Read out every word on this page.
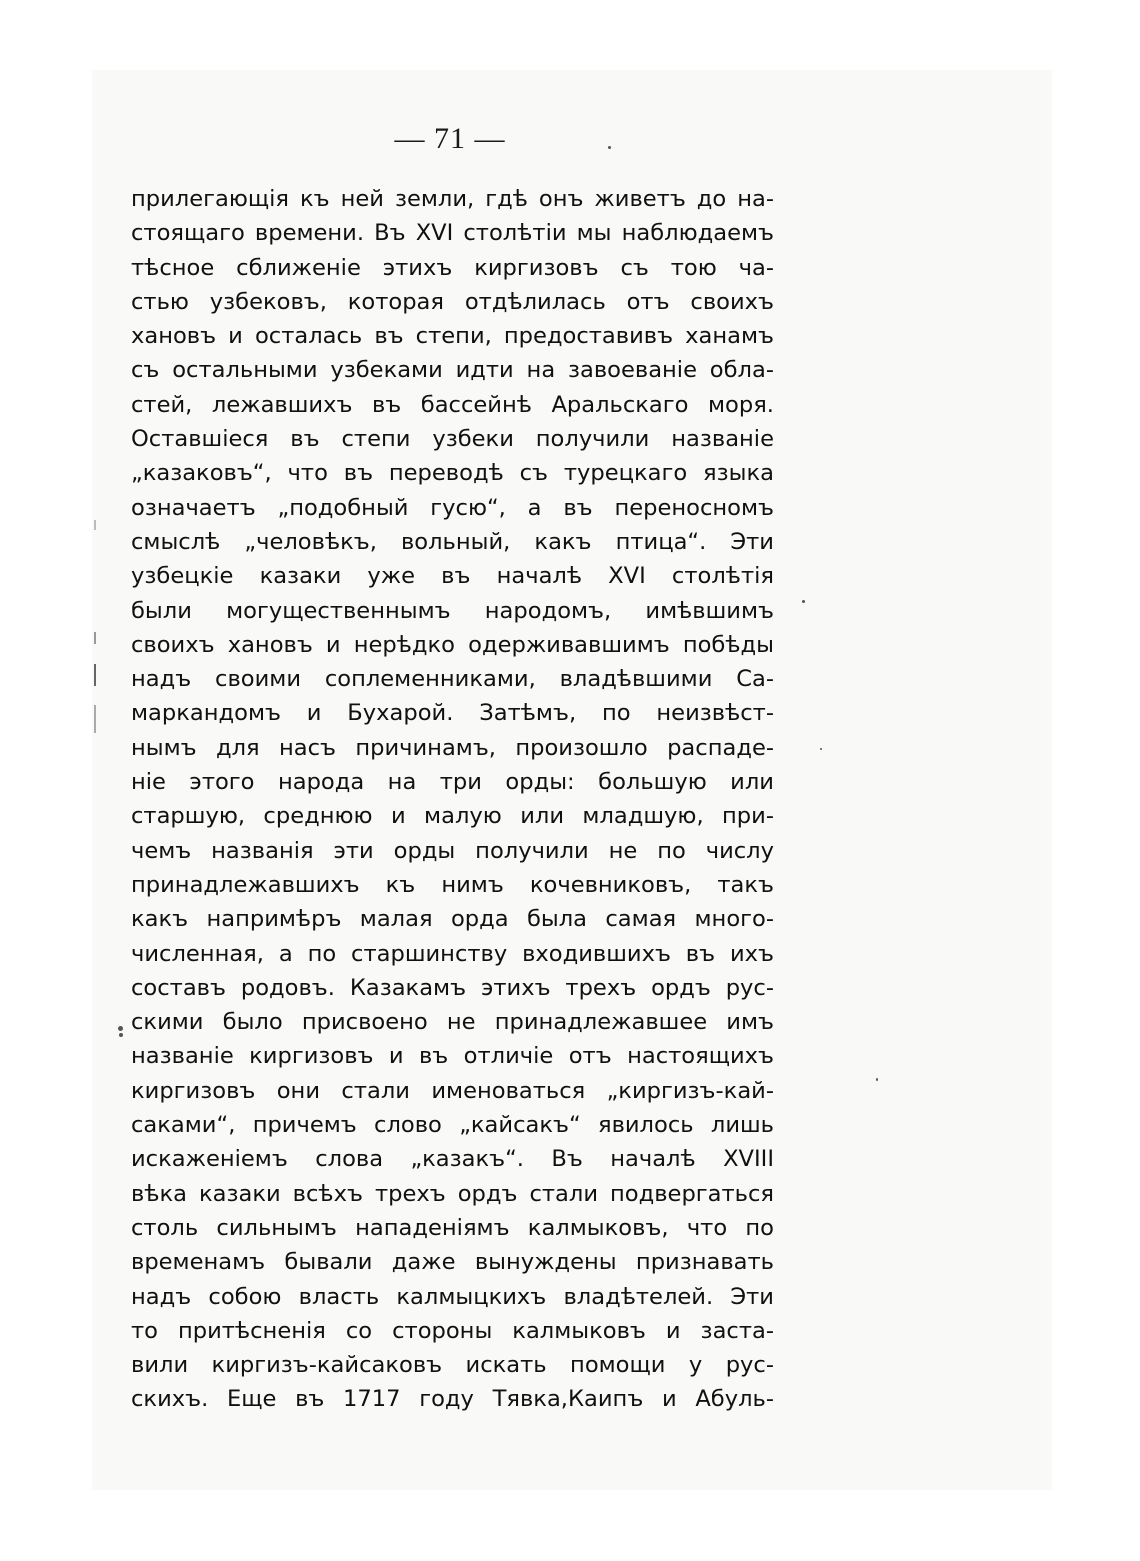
— 71 —
прилегающія къ ней земли, гдѣ онъ живетъ до на-
стоящаго времени. Въ XVI столѣтіи мы наблюдаемъ
тѣсное сближеніе этихъ киргизовъ съ тою ча-
стью узбековъ, которая отдѣлилась отъ своихъ
хановъ и осталась въ степи, предоставивъ ханамъ
съ остальными узбеками идти на завоеваніе обла-
стей, лежавшихъ въ бассейнѣ Аральскаго моря.
Оставшіеся въ степи узбеки получили названіе
„казаковъ“, что въ переводѣ съ турецкаго языка
означаетъ „подобный гусю“, а въ переносномъ
смыслѣ „человѣкъ, вольный, какъ птица“. Эти
узбецкіе казаки уже въ началѣ XVI столѣтія
были могущественнымъ народомъ, имѣвшимъ
своихъ хановъ и нерѣдко одерживавшимъ побѣды
надъ своими соплеменниками, владѣвшими Са-
маркандомъ и Бухарой. Затѣмъ, по неизвѣст-
нымъ для насъ причинамъ, произошло распаде-
ніе этого народа на три орды: большую или
старшую, среднюю и малую или младшую, при-
чемъ названія эти орды получили не по числу
принадлежавшихъ къ нимъ кочевниковъ, такъ
какъ напримѣръ малая орда была самая много-
численная, а по старшинству входившихъ въ ихъ
составъ родовъ. Казакамъ этихъ трехъ ордъ рус-
скими было присвоено не принадлежавшее имъ
названіе киргизовъ и въ отличіе отъ настоящихъ
киргизовъ они стали именоваться „киргизъ-кай-
саками“, причемъ слово „кайсакъ“ явилось лишь
искаженіемъ слова „казакъ“. Въ началѣ XVIII
вѣка казаки всѣхъ трехъ ордъ стали подвергаться
столь сильнымъ нападеніямъ калмыковъ, что по
временамъ бывали даже вынуждены признавать
надъ собою власть калмыцкихъ владѣтелей. Эти
то притѣсненія со стороны калмыковъ и заста-
вили киргизъ-кайсаковъ искать помощи у рус-
скихъ. Еще въ 1717 году Тявка,Каипъ и Абуль-
